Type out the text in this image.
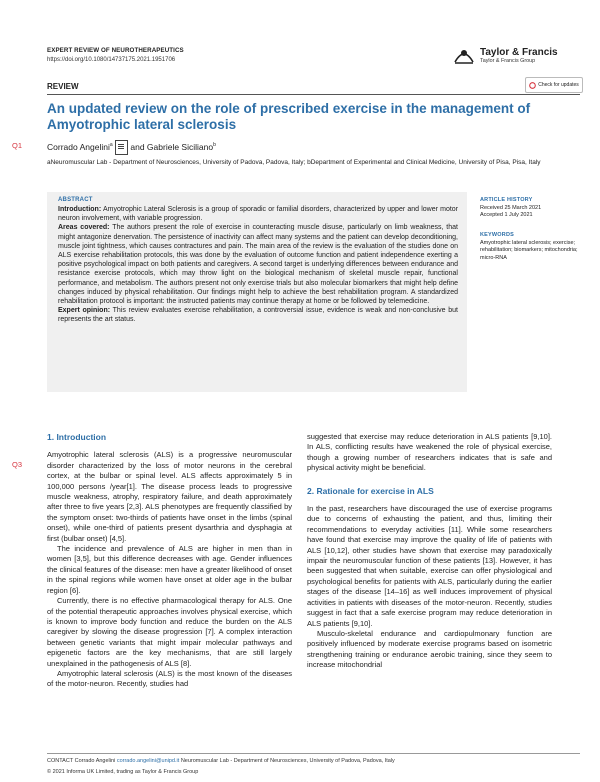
EXPERT REVIEW OF NEUROTHERAPEUTICS
https://doi.org/10.1080/14737175.2021.1951706
Taylor & Francis
Taylor & Francis Group
REVIEW	Check for updates
An updated review on the role of prescribed exercise in the management of Amyotrophic lateral sclerosis
Q1	Corrado Angelini$^a$ and Gabriele Siciliano$^b$
aNeuromuscular Lab - Department of Neurosciences, University of Padova, Padova, Italy; bDepartment of Experimental and Clinical Medicine, University of Pisa, Pisa, Italy
ABSTRACT
Introduction: Amyotrophic Lateral Sclerosis is a group of sporadic or familial disorders, characterized by upper and lower motor neuron involvement, with variable progression.
Areas covered: The authors present the role of exercise in counteracting muscle disuse, particularly on limb weakness, that might antagonize denervation. The persistence of inactivity can affect many systems and the patient can develop deconditioning, muscle joint tightness, which causes contractures and pain. The main area of the review is the evaluation of the studies done on ALS exercise rehabilitation protocols, this was done by the evaluation of outcome function and patient independence exerting a positive psychological impact on both patients and caregivers. A second target is underlying differences between endurance and resistance exercise protocols, which may throw light on the biological mechanism of skeletal muscle repair, functional performance, and metabolism. The authors present not only exercise trials but also molecular biomarkers that might help define changes induced by physical rehabilitation. Our findings might help to achieve the best rehabilitation program. A standardized rehabilitation protocol is important: the instructed patients may continue therapy at home or be followed by telemedicine.
Expert opinion: This review evaluates exercise rehabilitation, a controversial issue, evidence is weak and non-conclusive but represents the art status.
ARTICLE HISTORY
Received 25 March 2021
Accepted 1 July 2021
KEYWORDS
Amyotrophic lateral sclerosis; exercise; rehabilitation; biomarkers; mitochondria; micro-RNA
1. Introduction

Amyotrophic lateral sclerosis (ALS) is a progressive neuromuscular disorder characterized by the loss of motor neurons in the cerebral cortex, at the bulbar or spinal level. ALS affects approximately 5 in 100,000 persons /year[1]. The disease process leads to progressive muscle weakness, atrophy, respiratory failure, and death approximately after three to five years [2,3]. ALS phenotypes are frequently classified by the symptom onset: two-thirds of patients have onset in the limbs (spinal onset), while one-third of patients present dysarthria and dysphagia at first (bulbar onset) [4,5].

The incidence and prevalence of ALS are higher in men than in women [3,5], but this difference decreases with age. Gender influences the clinical features of the disease: men have a greater likelihood of onset in the spinal regions while women have onset at older age in the bulbar region [6].

Currently, there is no effective pharmacological therapy for ALS. One of the potential therapeutic approaches involves physical exercise, which is known to improve body function and reduce the burden on the ALS caregiver by slowing the disease progression [7]. A complex interaction between genetic variants that might impair molecular pathways and epigenetic factors are the key mechanisms, that are still largely unexplained in the pathogenesis of ALS [8].

Amyotrophic lateral sclerosis (ALS) is the most known of the diseases of the motor-neuron. Recently, studies had

Q3

suggested that exercise may reduce deterioration in ALS patients [9,10]. In ALS, conflicting results have weakened the role of physical exercise, though a growing number of researchers indicates that is safe and physical activity might be beneficial.

2. Rationale for exercise in ALS

In the past, researchers have discouraged the use of exercise programs due to concerns of exhausting the patient, and thus, limiting their recommendations to everyday activities [11]. While some researchers have found that exercise may improve the quality of life of patients with ALS [10,12], other studies have shown that exercise may paradoxically impair the neuromuscular function of these patients [13]. However, it has been suggested that when suitable, exercise can offer physiological and psychological benefits for patients with ALS, particularly during the earlier stages of the disease [14–16] as well induces improvement of physical activities in patients with diseases of the motor-neuron. Recently, studies suggest in fact that a safe exercise program may reduce deterioration in ALS patients [9,10].

Musculo-skeletal endurance and cardiopulmonary function are positively influenced by moderate exercise programs based on isometric strengthening training or endurance aerobic training, since they seem to increase mitochondrial

CONTACT Corrado Angelini corrado.angelini@unipd.it Neuromuscular Lab - Department of Neurosciences, University of Padova, Padova, Italy
© 2021 Informa UK Limited, trading as Taylor & Francis Group
